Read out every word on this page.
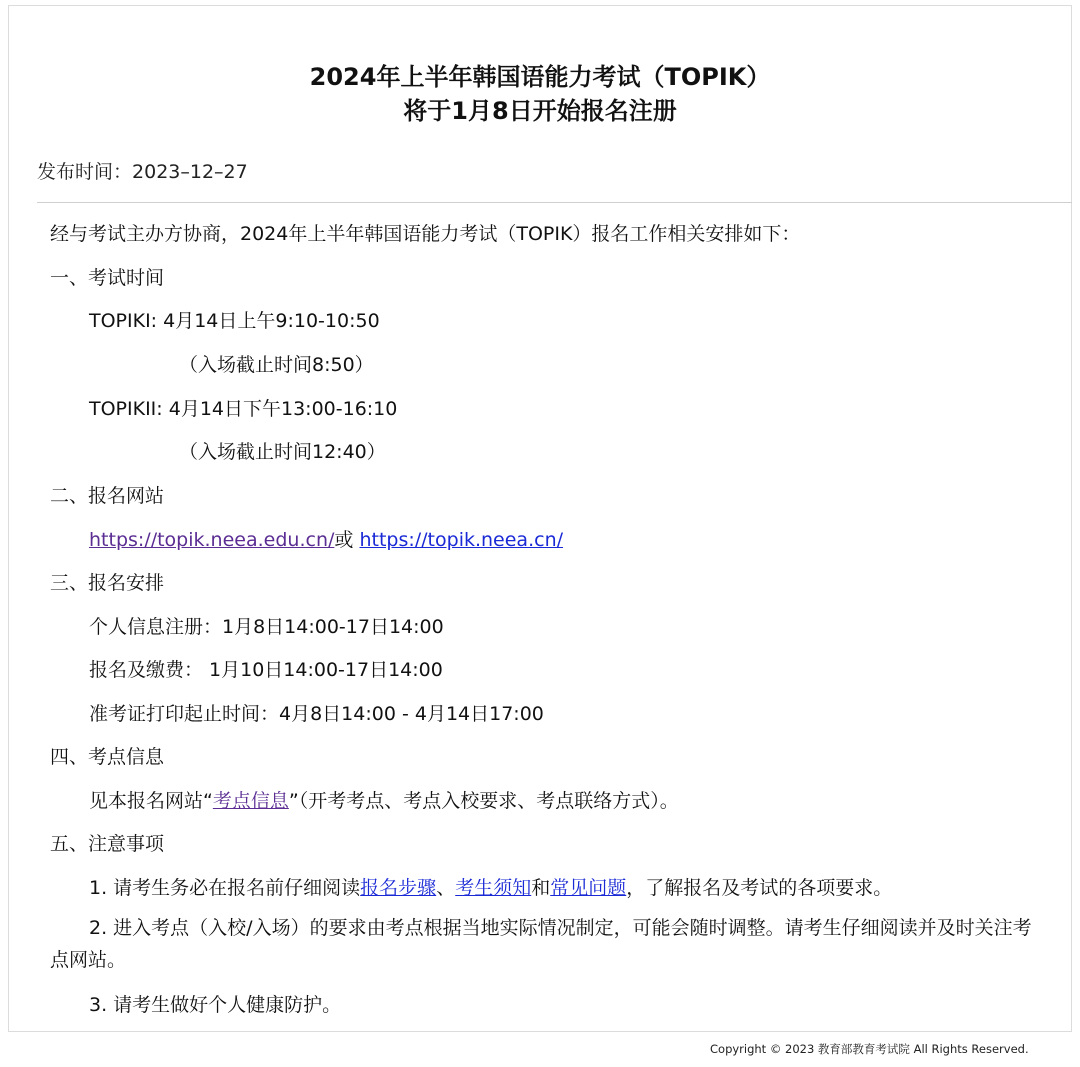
2024年上半年韩国语能力考试（TOPIK）
将于1月8日开始报名注册
发布时间：2023–12–27
经与考试主办方协商，2024年上半年韩国语能力考试（TOPIK）报名工作相关安排如下：
一、考试时间
TOPIKI: 4月14日上午9:10-10:50
（入场截止时间8:50）
TOPIKII: 4月14日下午13:00-16:10
（入场截止时间12:40）
二、报名网站
https://topik.neea.edu.cn/或 https://topik.neea.cn/
三、报名安排
个人信息注册：1月8日14:00-17日14:00
报名及缴费： 1月10日14:00-17日14:00
准考证打印起止时间：4月8日14:00 - 4月14日17:00
四、考点信息
见本报名网站“考点信息”（开考考点、考点入校要求、考点联络方式）。
五、注意事项
1. 请考生务必在报名前仔细阅读报名步骤、考生须知和常见问题，了解报名及考试的各项要求。
2. 进入考点（入校/入场）的要求由考点根据当地实际情况制定，可能会随时调整。请考生仔细阅读并及时关注考点网站。
3. 请考生做好个人健康防护。
Copyright © 2023 教育部教育考试院 All Rights Reserved.
